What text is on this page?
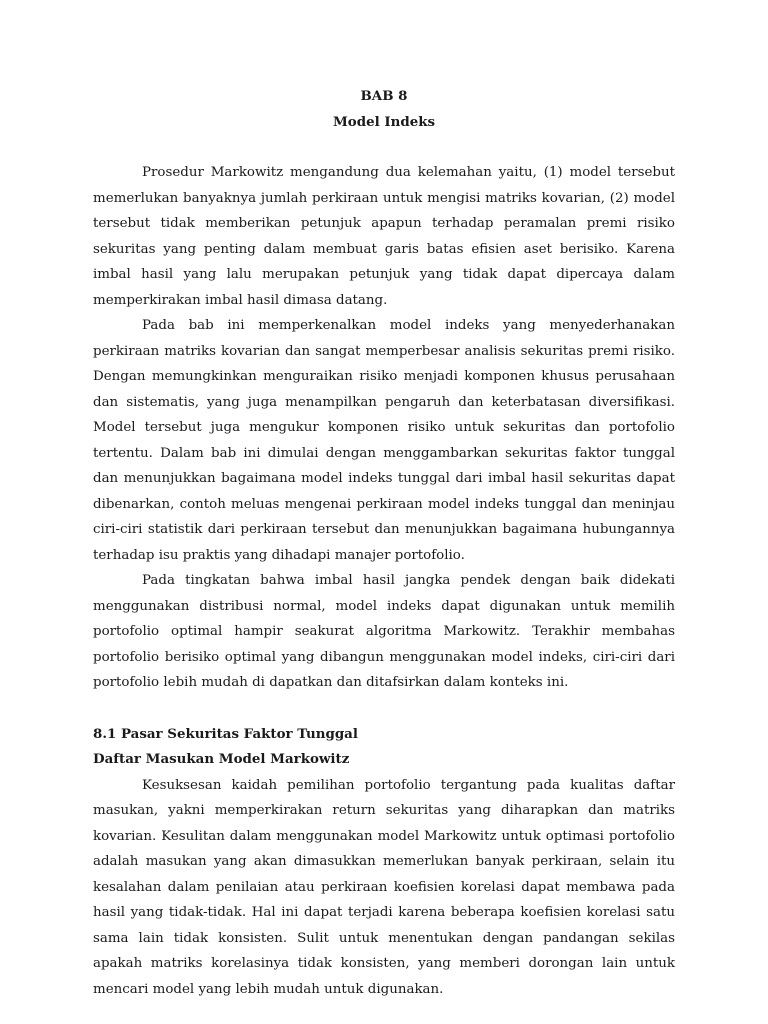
BAB 8
Model Indeks

Prosedur Markowitz mengandung dua kelemahan yaitu, (1) model tersebut memerlukan banyaknya jumlah perkiraan untuk mengisi matriks kovarian, (2) model tersebut tidak memberikan petunjuk apapun terhadap peramalan premi risiko sekuritas yang penting dalam membuat garis batas efisien aset berisiko. Karena imbal hasil yang lalu merupakan petunjuk yang tidak dapat dipercaya dalam memperkirakan imbal hasil dimasa datang.

Pada bab ini memperkenalkan model indeks yang menyederhanakan perkiraan matriks kovarian dan sangat memperbesar analisis sekuritas premi risiko. Dengan memungkinkan menguraikan risiko menjadi komponen khusus perusahaan dan sistematis, yang juga menampilkan pengaruh dan keterbatasan diversifikasi. Model tersebut juga mengukur komponen risiko untuk sekuritas dan portofolio tertentu. Dalam bab ini dimulai dengan menggambarkan sekuritas faktor tunggal dan menunjukkan bagaimana model indeks tunggal dari imbal hasil sekuritas dapat dibenarkan, contoh meluas mengenai perkiraan model indeks tunggal dan meninjau ciri-ciri statistik dari perkiraan tersebut dan menunjukkan bagaimana hubungannya terhadap isu praktis yang dihadapi manajer portofolio.

Pada tingkatan bahwa imbal hasil jangka pendek dengan baik didekati menggunakan distribusi normal, model indeks dapat digunakan untuk memilih portofolio optimal hampir seakurat algoritma Markowitz. Terakhir membahas portofolio berisiko optimal yang dibangun menggunakan model indeks, ciri-ciri dari portofolio lebih mudah di dapatkan dan ditafsirkan dalam konteks ini.

8.1 Pasar Sekuritas Faktor Tunggal
Daftar Masukan Model Markowitz

Kesuksesan kaidah pemilihan portofolio tergantung pada kualitas daftar masukan, yakni memperkirakan return sekuritas yang diharapkan dan matriks kovarian. Kesulitan dalam menggunakan model Markowitz untuk optimasi portofolio adalah masukan yang akan dimasukkan memerlukan banyak perkiraan, selain itu kesalahan dalam penilaian atau perkiraan koefisien korelasi dapat membawa pada hasil yang tidak-tidak. Hal ini dapat terjadi karena beberapa koefisien korelasi satu sama lain tidak konsisten. Sulit untuk menentukan dengan pandangan sekilas apakah matriks korelasinya tidak konsisten, yang memberi dorongan lain untuk mencari model yang lebih mudah untuk digunakan.
